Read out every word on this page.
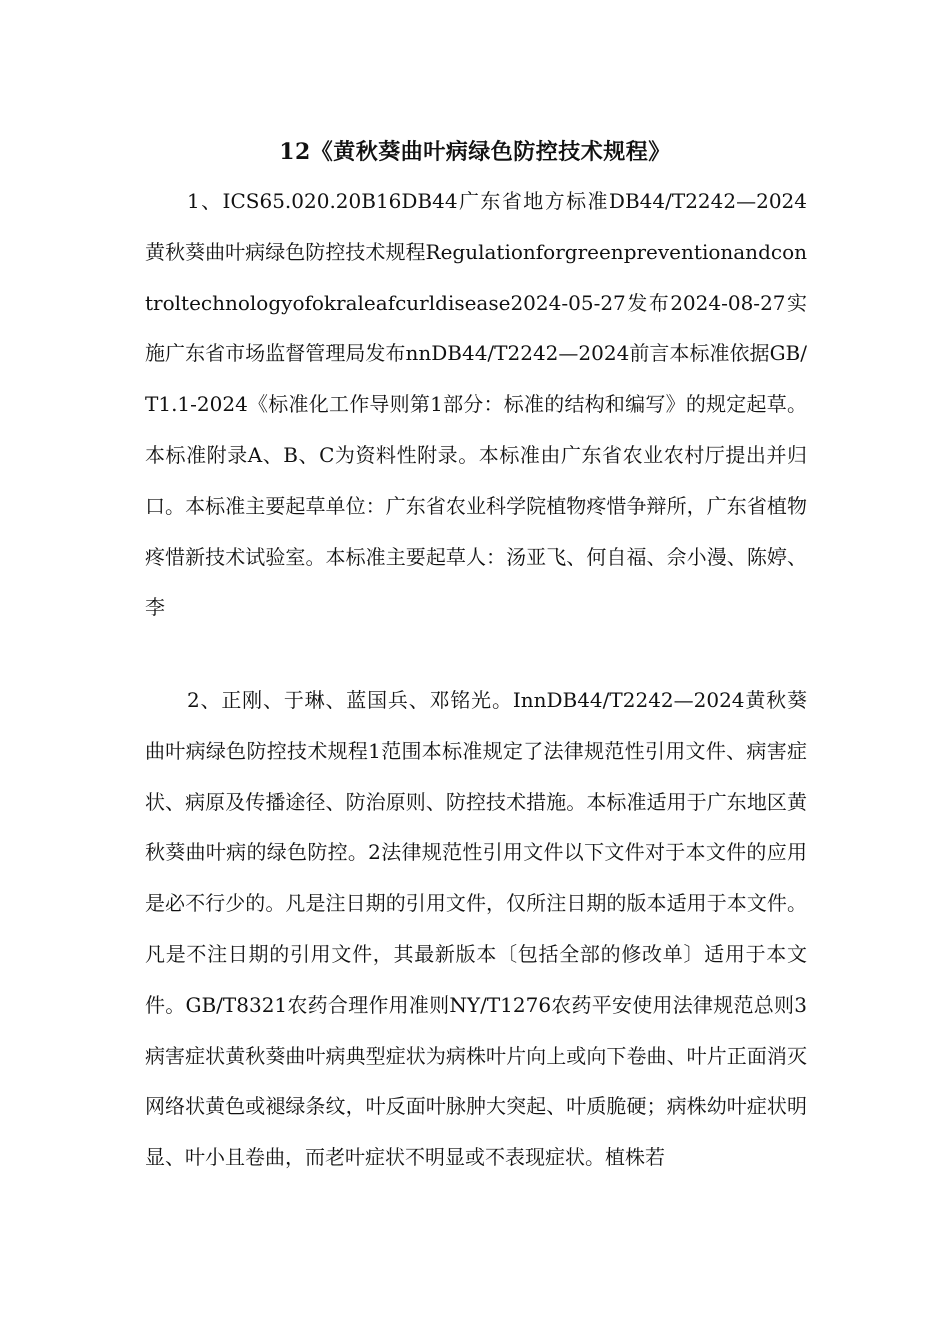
12《黄秋葵曲叶病绿色防控技术规程》

1、ICS65.020.20B16DB44广东省地方标准DB44/T2242—2024黄秋葵曲叶病绿色防控技术规程Regulationforgreenpreventionandcontroltechnologyofokraleafcurldisease2024-05-27发布2024-08-27实施广东省市场监督管理局发布nnDB44/T2242—2024前言本标准依据GB/T1.1-2024《标准化工作导则第1部分：标准的结构和编写》的规定起草。本标准附录A、B、C为资料性附录。本标准由广东省农业农村厅提出并归口。本标准主要起草单位：广东省农业科学院植物疼惜争辩所，广东省植物疼惜新技术试验室。本标准主要起草人：汤亚飞、何自福、佘小漫、陈婷、李

2、正刚、于琳、蓝国兵、邓铭光。InnDB44/T2242—2024黄秋葵曲叶病绿色防控技术规程1范围本标准规定了法律规范性引用文件、病害症状、病原及传播途径、防治原则、防控技术措施。本标准适用于广东地区黄秋葵曲叶病的绿色防控。2法律规范性引用文件以下文件对于本文件的应用是必不行少的。凡是注日期的引用文件，仅所注日期的版本适用于本文件。凡是不注日期的引用文件，其最新版本〔包括全部的修改单〕适用于本文件。GB/T8321农药合理作用准则NY/T1276农药平安使用法律规范总则3病害症状黄秋葵曲叶病典型症状为病株叶片向上或向下卷曲、叶片正面消灭网络状黄色或褪绿条纹，叶反面叶脉肿大突起、叶质脆硬；病株幼叶症状明显、叶小且卷曲，而老叶症状不明显或不表现症状。植株若
